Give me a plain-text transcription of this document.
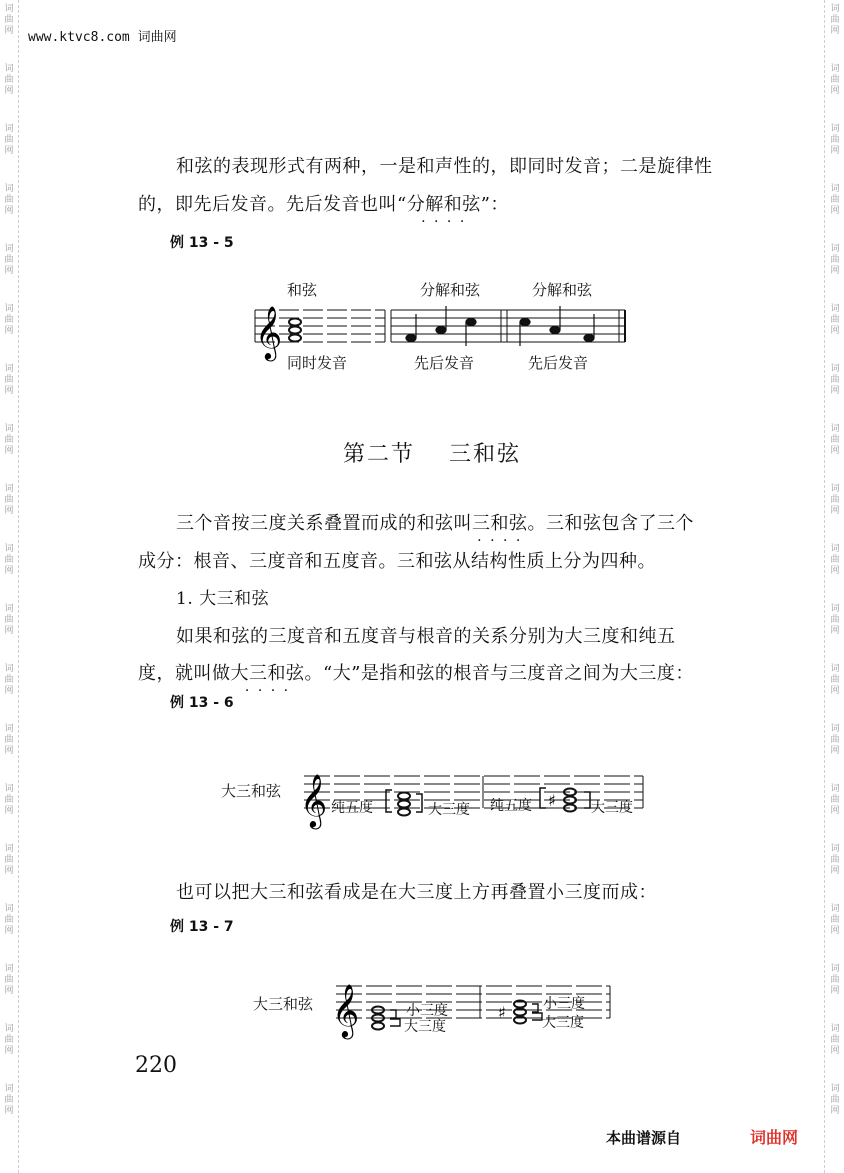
词
曲
网
词
曲
网
词
曲
网
词
曲
网
词
曲
网
词
曲
网
词
曲
网
词
曲
网
词
曲
网
词
曲
网
词
曲
网
词
曲
网
词
曲
网
词
曲
网
词
曲
网
词
曲
网
词
曲
网
词
曲
网
词
曲
网
词
曲
网
词
曲
网
词
曲
网
词
曲
网
词
曲
网
词
曲
网
词
曲
网
词
曲
网
词
曲
网
词
曲
网
词
曲
网
词
曲
网
词
曲
网
词
曲
网
词
曲
网
词
曲
网
词
曲
网
词
曲
网
词
曲
网
www.ktvc8.com 词曲网
和弦的表现形式有两种，一是和声性的，即同时发音；二是旋律性
的，即先后发音。先后发音也叫“分解和弦 · · · ·”：
例 13 - 5
和弦	分解和弦	分解和弦
同时发音	先后发音	先后发音
𝄞
第二节 三和弦
三个音按三度关系叠置而成的和弦叫三和弦 · · · ·。三和弦包含了三个
成分：根音、三度音和五度音。三和弦从结构性质上分为四种。
1. 大三和弦
如果和弦的三度音和五度音与根音的关系分别为大三度和纯五
度，就叫做大三和弦 · · · ·。“大”是指和弦的根音与三度音之间为大三度：
例 13 - 6
大三和弦
纯五度	大三度 纯五度	大三度
𝄞	♯
也可以把大三和弦看成是在大三度上方再叠置小三度而成：
例 13 - 7
大三和弦	小三度
大三度
小三度
大三度
𝄞	♯
220
本曲谱源自	词曲网
